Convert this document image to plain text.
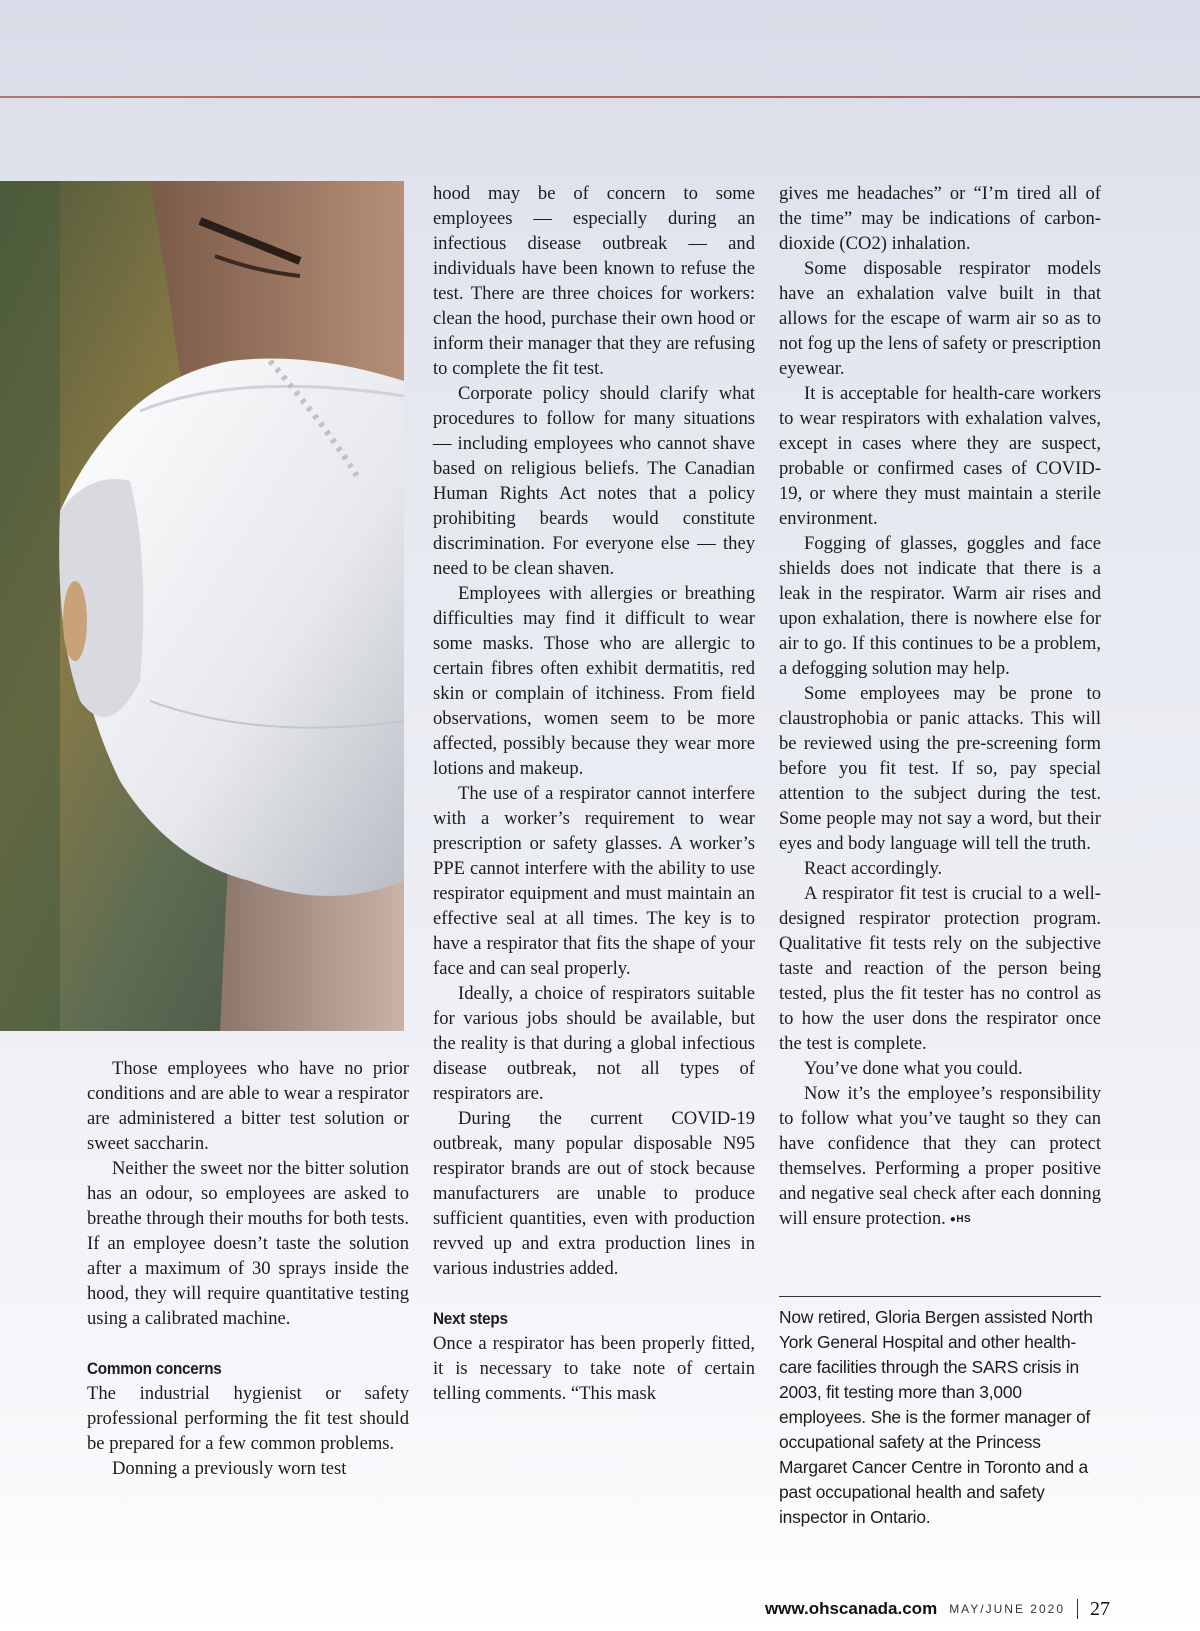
Those employees who have no prior conditions and are able to wear a respirator are administered a bitter test solution or sweet saccharin.

Neither the sweet nor the bitter solution has an odour, so employees are asked to breathe through their mouths for both tests. If an employee doesn’t taste the solution after a maximum of 30 sprays inside the hood, they will require quantitative testing using a calibrated machine.

Common concerns

The industrial hygienist or safety professional performing the fit test should be prepared for a few common problems.

Donning a previously worn test

hood may be of concern to some employees — especially during an infectious disease outbreak — and individuals have been known to refuse the test. There are three choices for workers: clean the hood, purchase their own hood or inform their manager that they are refusing to complete the fit test.

Corporate policy should clarify what procedures to follow for many situations — including employees who cannot shave based on religious beliefs. The Canadian Human Rights Act notes that a policy prohibiting beards would constitute discrimination. For everyone else — they need to be clean shaven.

Employees with allergies or breathing difficulties may find it difficult to wear some masks. Those who are allergic to certain fibres often exhibit dermatitis, red skin or complain of itchiness. From field observations, women seem to be more affected, possibly because they wear more lotions and makeup.

The use of a respirator cannot interfere with a worker’s requirement to wear prescription or safety glasses. A worker’s PPE cannot interfere with the ability to use respirator equipment and must maintain an effective seal at all times. The key is to have a respirator that fits the shape of your face and can seal properly.

Ideally, a choice of respirators suitable for various jobs should be available, but the reality is that during a global infectious disease outbreak, not all types of respirators are.

During the current COVID-19 outbreak, many popular disposable N95 respirator brands are out of stock because manufacturers are unable to produce sufficient quantities, even with production revved up and extra production lines in various industries added.

Next steps

Once a respirator has been properly fitted, it is necessary to take note of certain telling comments. “This mask

gives me headaches” or “I’m tired all of the time” may be indications of carbon-dioxide (CO2) inhalation.

Some disposable respirator models have an exhalation valve built in that allows for the escape of warm air so as to not fog up the lens of safety or prescription eyewear.

It is acceptable for health-care workers to wear respirators with exhalation valves, except in cases where they are suspect, probable or confirmed cases of COVID-19, or where they must maintain a sterile environment.

Fogging of glasses, goggles and face shields does not indicate that there is a leak in the respirator. Warm air rises and upon exhalation, there is nowhere else for air to go. If this continues to be a problem, a defogging solution may help.

Some employees may be prone to claustrophobia or panic attacks. This will be reviewed using the pre-screening form before you fit test. If so, pay special attention to the subject during the test. Some people may not say a word, but their eyes and body language will tell the truth.

React accordingly.

A respirator fit test is crucial to a well-designed respirator protection program. Qualitative fit tests rely on the subjective taste and reaction of the person being tested, plus the fit tester has no control as to how the user dons the respirator once the test is complete.

You’ve done what you could.

Now it’s the employee’s responsibility to follow what you’ve taught so they can have confidence that they can protect themselves. Performing a proper positive and negative seal check after each donning will ensure protection. ●HS

Now retired, Gloria Bergen assisted North York General Hospital and other health-care facilities through the SARS crisis in 2003, fit testing more than 3,000 employees. She is the former manager of occupational safety at the Princess Margaret Cancer Centre in Toronto and a past occupational health and safety inspector in Ontario.
www.ohscanada.com MAY/JUNE 2020 27
